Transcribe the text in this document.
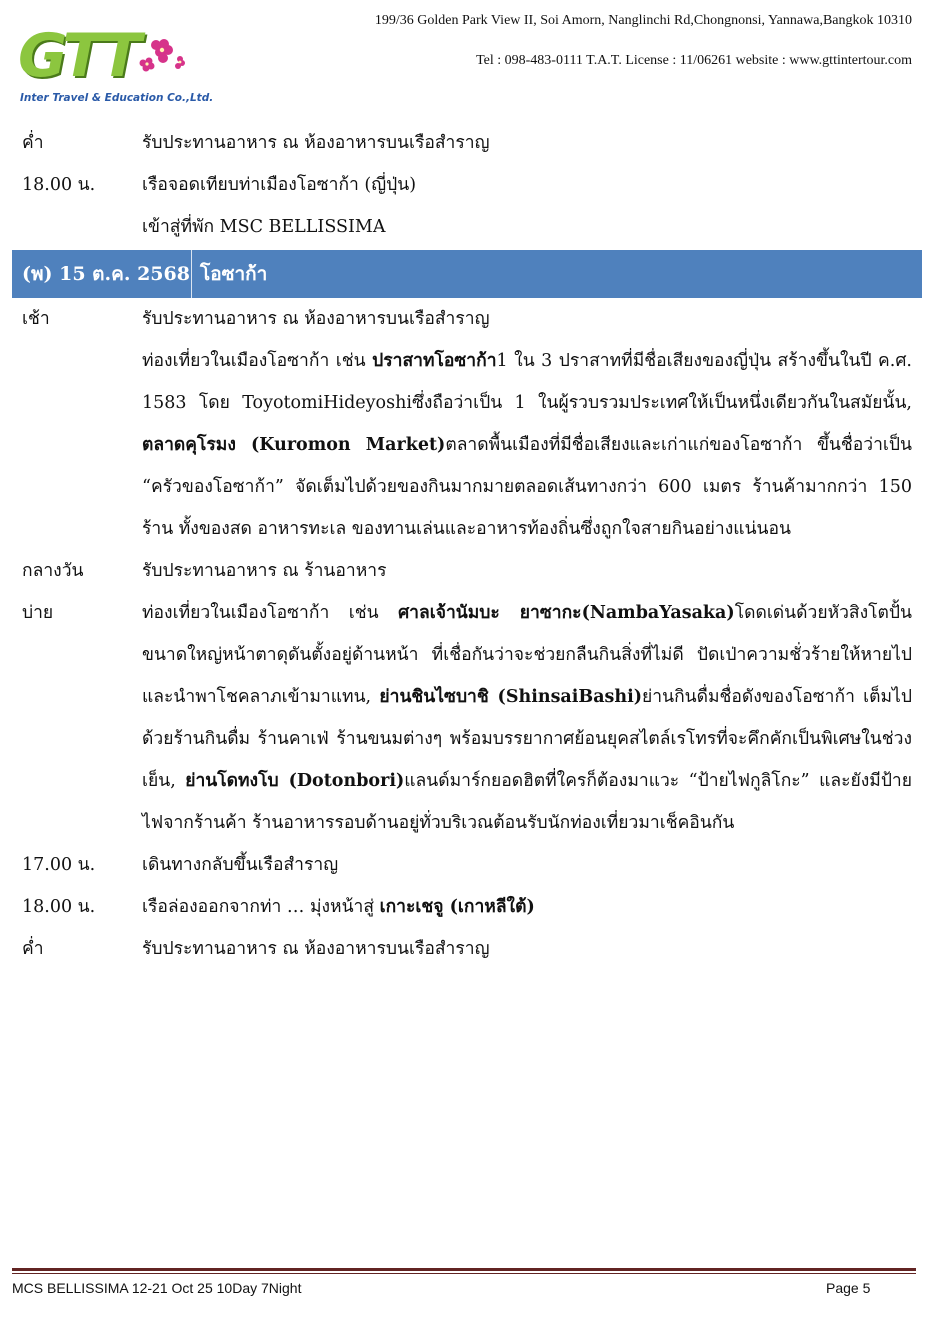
GTT
Inter Travel & Education Co.,Ltd.
199/36 Golden Park View II, Soi Amorn, Nanglinchi Rd,Chongnonsi, Yannawa,Bangkok 10310
Tel : 098-483-0111 T.A.T. License : 11/06261 website : www.gttintertour.com
ค่ำ	รับประทานอาหาร ณ ห้องอาหารบนเรือสำราญ
18.00 น.	เรือจอดเทียบท่าเมืองโอซาก้า (ญี่ปุ่น)
เข้าสู่ที่พัก MSC BELLISSIMA
(พ) 15 ต.ค. 2568 โอซาก้า
เช้า	รับประทานอาหาร ณ ห้องอาหารบนเรือสำราญ
ท่องเที่ยวในเมืองโอซาก้า เช่น ปราสาทโอซาก้า1 ใน 3 ปราสาทที่มีชื่อเสียงของญี่ปุ่น สร้างขึ้นในปี ค.ศ. 1583 โดย ToyotomiHideyoshiซึ่งถือว่าเป็น 1 ในผู้รวบรวมประเทศให้เป็นหนึ่งเดียวกันในสมัยนั้น, ตลาดคุโรมง (Kuromon Market)ตลาดพื้นเมืองที่มีชื่อเสียงและเก่าแก่ของโอซาก้า ขึ้นชื่อว่าเป็น “ครัวของโอซาก้า” จัดเต็มไปด้วยของกินมากมายตลอดเส้นทางกว่า 600 เมตร ร้านค้ามากกว่า 150 ร้าน ทั้งของสด อาหารทะเล ของทานเล่นและอาหารท้องถิ่นซึ่งถูกใจสายกินอย่างแน่นอน
กลางวัน	รับประทานอาหาร ณ ร้านอาหาร
บ่าย	ท่องเที่ยวในเมืองโอซาก้า เช่น ศาลเจ้านัมบะ ยาซากะ(NambaYasaka)โดดเด่นด้วยหัวสิงโตปั้นขนาดใหญ่หน้าตาดุดันตั้งอยู่ด้านหน้า ที่เชื่อกันว่าจะช่วยกลืนกินสิ่งที่ไม่ดี ปัดเป่าความชั่วร้ายให้หายไปและนำพาโชคลาภเข้ามาแทน, ย่านชินไซบาชิ (ShinsaiBashi)ย่านกินดื่มชื่อดังของโอซาก้า เต็มไปด้วยร้านกินดื่ม ร้านคาเฟ่ ร้านขนมต่างๆ พร้อมบรรยากาศย้อนยุคสไตล์เรโทรที่จะคึกคักเป็นพิเศษในช่วงเย็น, ย่านโดทงโบ (Dotonbori)แลนด์มาร์กยอดฮิตที่ใครก็ต้องมาแวะ “ป้ายไฟกูลิโกะ” และยังมีป้ายไฟจากร้านค้า ร้านอาหารรอบด้านอยู่ทั่วบริเวณต้อนรับนักท่องเที่ยวมาเช็คอินกัน
17.00 น.	เดินทางกลับขึ้นเรือสำราญ
18.00 น.	เรือล่องออกจากท่า … มุ่งหน้าสู่ เกาะเชจู (เกาหลีใต้)
ค่ำ	รับประทานอาหาร ณ ห้องอาหารบนเรือสำราญ
MCS BELLISSIMA 12-21 Oct 25 10Day 7Night	Page 5
